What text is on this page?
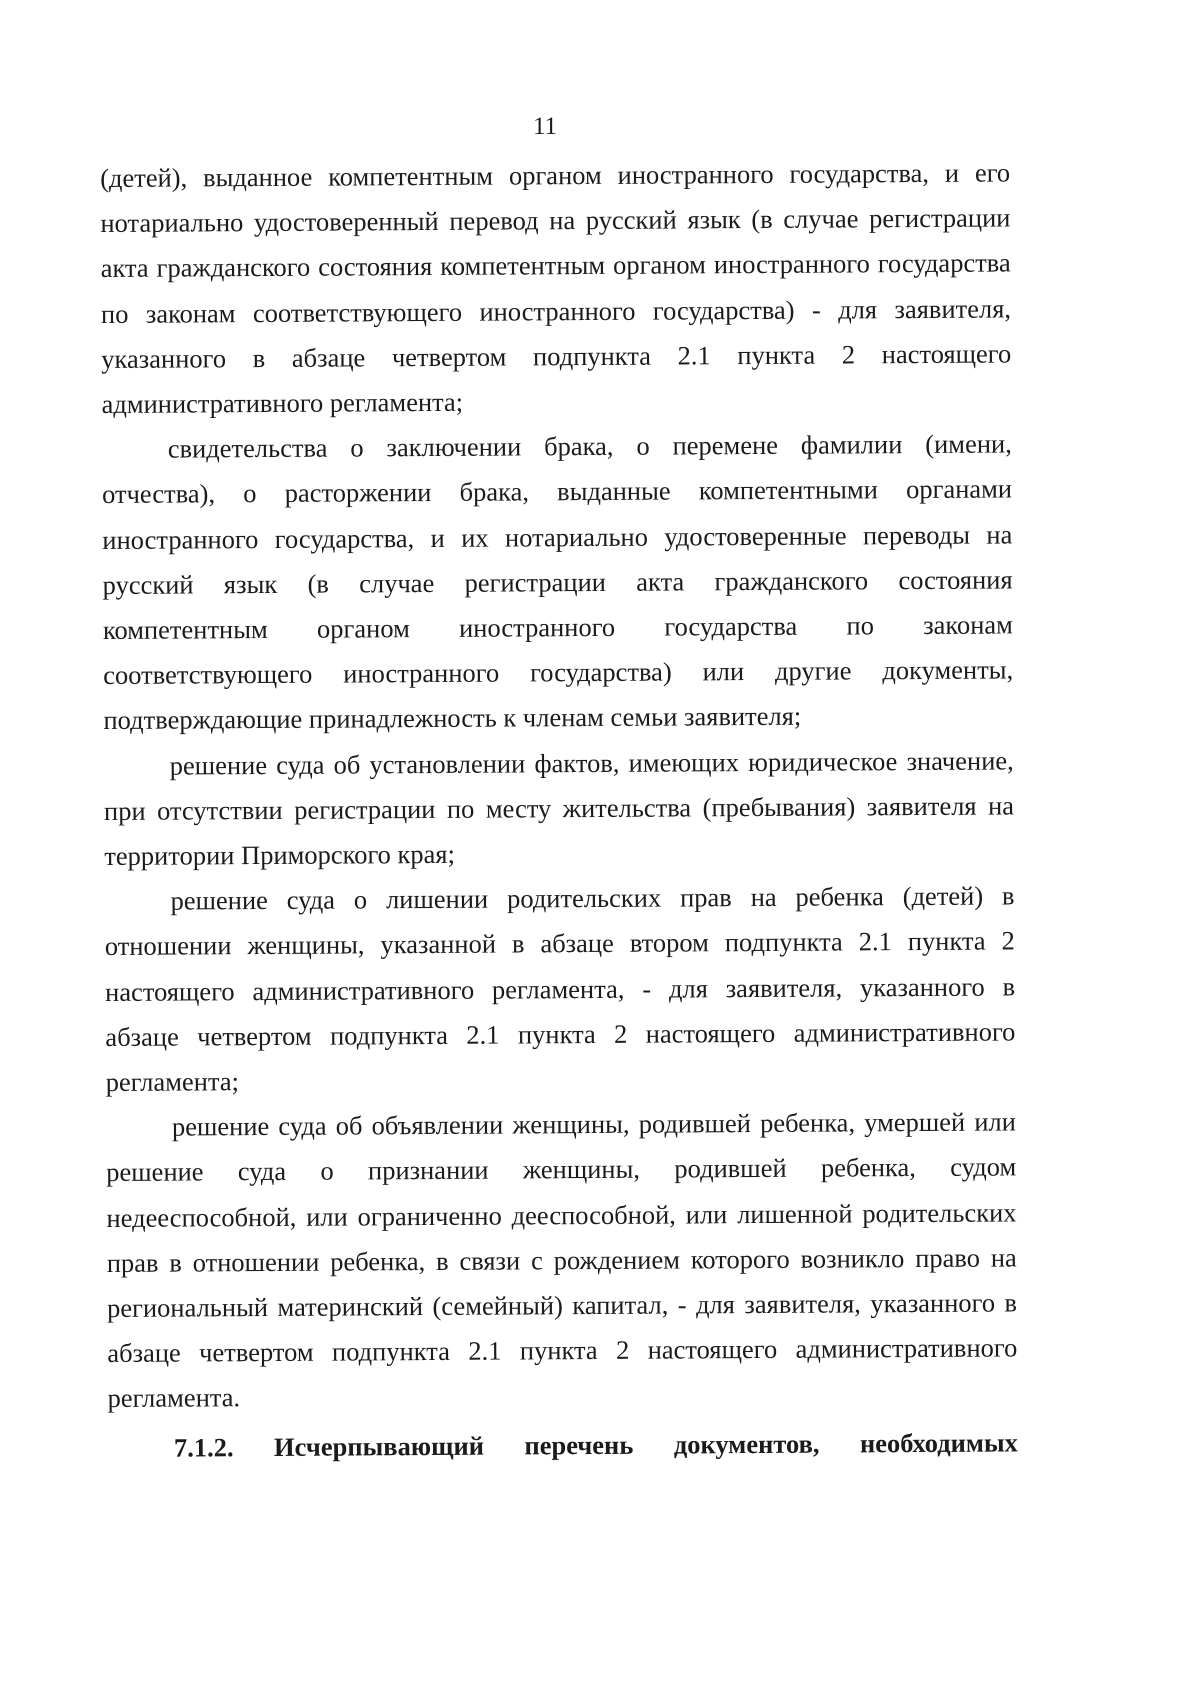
11

(детей), выданное компетентным органом иностранного государства, и его нотариально удостоверенный перевод на русский язык (в случае регистрации акта гражданского состояния компетентным органом иностранного государства по законам соответствующего иностранного государства) - для заявителя, указанного в абзаце четвертом подпункта 2.1 пункта 2 настоящего административного регламента;

свидетельства о заключении брака, о перемене фамилии (имени, отчества), о расторжении брака, выданные компетентными органами иностранного государства, и их нотариально удостоверенные переводы на русский язык (в случае регистрации акта гражданского состояния компетентным органом иностранного государства по законам соответствующего иностранного государства) или другие документы, подтверждающие принадлежность к членам семьи заявителя;

решение суда об установлении фактов, имеющих юридическое значение, при отсутствии регистрации по месту жительства (пребывания) заявителя на территории Приморского края;

решение суда о лишении родительских прав на ребенка (детей) в отношении женщины, указанной в абзаце втором подпункта 2.1 пункта 2 настоящего административного регламента, - для заявителя, указанного в абзаце четвертом подпункта 2.1 пункта 2 настоящего административного регламента;

решение суда об объявлении женщины, родившей ребенка, умершей или решение суда о признании женщины, родившей ребенка, судом недееспособной, или ограниченно дееспособной, или лишенной родительских прав в отношении ребенка, в связи с рождением которого возникло право на региональный материнский (семейный) капитал, - для заявителя, указанного в абзаце четвертом подпункта 2.1 пункта 2 настоящего административного регламента.

7.1.2. Исчерпывающий перечень документов, необходимых
